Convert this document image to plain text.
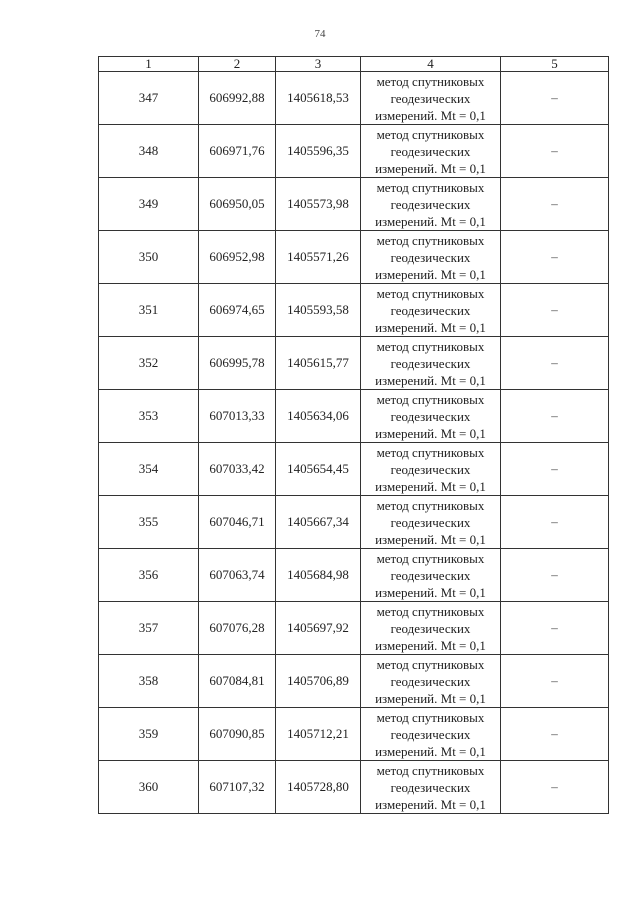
74
1	2	3	4	5
347	606992,88	1405618,53	метод спутниковых
геодезических
измерений. Mt = 0,1	–
348	606971,76	1405596,35	метод спутниковых
геодезических
измерений. Mt = 0,1	–
349	606950,05	1405573,98	метод спутниковых
геодезических
измерений. Mt = 0,1	–
350	606952,98	1405571,26	метод спутниковых
геодезических
измерений. Mt = 0,1	–
351	606974,65	1405593,58	метод спутниковых
геодезических
измерений. Mt = 0,1	–
352	606995,78	1405615,77	метод спутниковых
геодезических
измерений. Mt = 0,1	–
353	607013,33	1405634,06	метод спутниковых
геодезических
измерений. Mt = 0,1	–
354	607033,42	1405654,45	метод спутниковых
геодезических
измерений. Mt = 0,1	–
355	607046,71	1405667,34	метод спутниковых
геодезических
измерений. Mt = 0,1	–
356	607063,74	1405684,98	метод спутниковых
геодезических
измерений. Mt = 0,1	–
357	607076,28	1405697,92	метод спутниковых
геодезических
измерений. Mt = 0,1	–
358	607084,81	1405706,89	метод спутниковых
геодезических
измерений. Mt = 0,1	–
359	607090,85	1405712,21	метод спутниковых
геодезических
измерений. Mt = 0,1	–
360	607107,32	1405728,80	метод спутниковых
геодезических
измерений. Mt = 0,1	–
